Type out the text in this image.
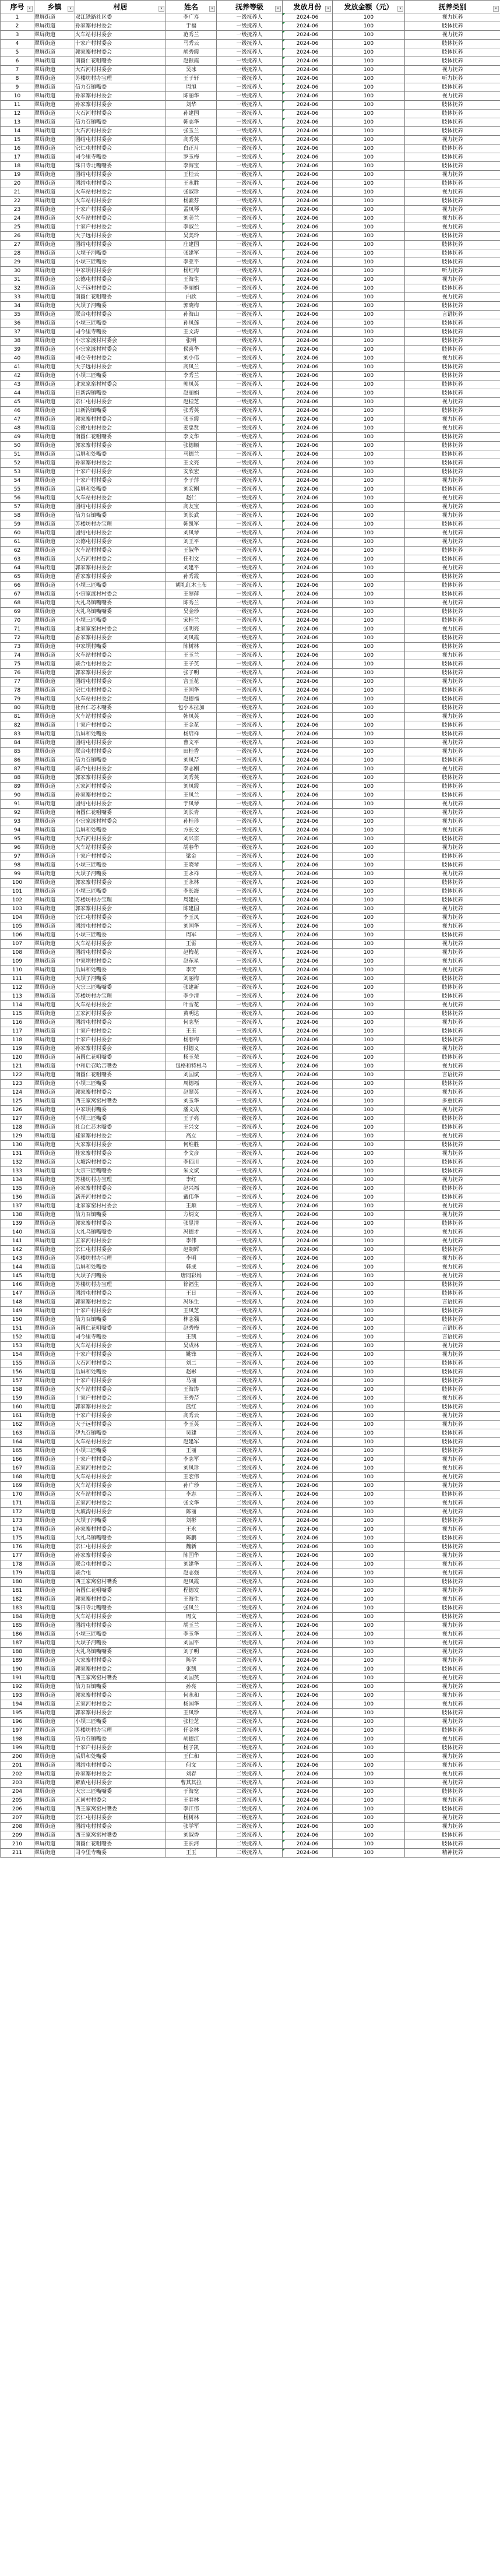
序号 ▾	乡镇 ▾	村居 ▾	姓名 ▾	抚养等级 ▾	发放月份 ▾	发放金额（元） ▾	抚养类别 ▾

1	翠屏街道	双江铁路社区委	李广寿	一级抚养人	2024-06	100	视力抚养
2	翠屏街道	孙家寨村村委会	于福	一级抚养人	2024-06	100	肢体抚养
3	翠屏街道	火车站村村委会	范秀兰	一级抚养人	2024-06	100	视力抚养
4	翠屏街道	十家户村村委会	马秀云	一级抚养人	2024-06	100	肢体抚养
5	翠屏街道	郭家寨村村委会	胡秀霞	一级抚养人	2024-06	100	肢体抚养
6	翠屏街道	南圆仁花咀嘴委	赵银霞	一级抚养人	2024-06	100	肢体抚养
7	翠屏街道	大石河村村委会	吴冰	一级抚养人	2024-06	100	视力抚养
8	翠屏街道	苏楼坊村办宝理	王子轩	一级抚养人	2024-06	100	听力抚养
9	翠屏街道	信力召镇嘴委	周旭	一级抚养人	2024-06	100	肢体抚养
10	翠屏街道	孙家寨村村委会	陈丽华	一级抚养人	2024-06	100	视力抚养
11	翠屏街道	孙家寨村村委会	刘华	一级抚养人	2024-06	100	肢体抚养
12	翠屏街道	大石河村村委会	孙建国	一级抚养人	2024-06	100	肢体抚养
13	翠屏街道	信力召镇嘴委	韩志华	一级抚养人	2024-06	100	肢体抚养
14	翠屏街道	大石河村村委会	张玉兰	一级抚养人	2024-06	100	肢体抚养
15	翠屏街道	团结屯村村委会	高秀英	一级抚养人	2024-06	100	视力抚养
16	翠屏街道	宗仁屯村村委会	白正月	一级抚养人	2024-06	100	肢体抚养
17	翠屏街道	司今里寺嘴委	罗玉梅	一级抚养人	2024-06	100	肢体抚养
18	翠屏街道	珠日寺北嘴嘴委	李海宝	一级抚养人	2024-06	100	肢体抚养
19	翠屏街道	团结屯村村委会	王桂云	一级抚养人	2024-06	100	视力抚养
20	翠屏街道	团结屯村村委会	王永胜	一级抚养人	2024-06	100	肢体抚养
21	翠屏街道	火车站村村委会	张淑珍	一级抚养人	2024-06	100	视力抚养
22	翠屏街道	火车站村村委会	杨素芬	一级抚养人	2024-06	100	肢体抚养
23	翠屏街道	十家户村村委会	孟凤琴	一级抚养人	2024-06	100	视力抚养
24	翠屏街道	火车站村村委会	刘美兰	一级抚养人	2024-06	100	视力抚养
25	翠屏街道	十家户村村委会	李淑兰	一级抚养人	2024-06	100	视力抚养
26	翠屏街道	大子远村村委会	吴美玲	一级抚养人	2024-06	100	肢体抚养
27	翠屏街道	团结屯村村委会	庄建国	一级抚养人	2024-06	100	肢体抚养
28	翠屏街道	大坝子河嘴委	张建军	一级抚养人	2024-06	100	肢体抚养
29	翠屏街道	小坝三匠嘴委	李亚平	一级抚养人	2024-06	100	肢体抚养
30	翠屏街道	中家坝村村委会	杨红梅	一级抚养人	2024-06	100	听力抚养
31	翠屏街道	公德屯村村委会	王海生	一级抚养人	2024-06	100	视力抚养
32	翠屏街道	大子远村村委会	李丽娟	一级抚养人	2024-06	100	肢体抚养
33	翠屏街道	南圆仁花咀嘴委	白欣	一级抚养人	2024-06	100	视力抚养
34	翠屏街道	大坝子河嘴委	郭晓梅	一级抚养人	2024-06	100	肢体抚养
35	翠屏街道	联合屯村村委会	孙海山	一级抚养人	2024-06	100	言语抚养
36	翠屏街道	小坝三匠嘴委	孙凤莲	一级抚养人	2024-06	100	肢体抚养
37	翠屏街道	司今里寺嘴委	王文涛	一级抚养人	2024-06	100	肢体抚养
38	翠屏街道	小宗家渡村村委会	张明	一级抚养人	2024-06	100	肢体抚养
39	翠屏街道	小宗家渡村村委会	侯喜华	一级抚养人	2024-06	100	肢体抚养
40	翠屏街道	司仑寺村村委会	刘小伟	一级抚养人	2024-06	100	视力抚养
41	翠屏街道	大子远村村委会	高凤兰	一级抚养人	2024-06	100	肢体抚养
42	翠屏街道	小坝三匠嘴委	李秀兰	一级抚养人	2024-06	100	肢体抚养
43	翠屏街道	北家家窑村村委会	郭凤英	一级抚养人	2024-06	100	肢体抚养
44	翠屏街道	日新沟镇嘴委	赵丽娟	一级抚养人	2024-06	100	肢体抚养
45	翠屏街道	宗仁屯村村委会	赵桂芝	一级抚养人	2024-06	100	视力抚养
46	翠屏街道	日新沟镇嘴委	张秀英	一级抚养人	2024-06	100	肢体抚养
47	翠屏街道	郭家寨村村委会	张玉霞	一级抚养人	2024-06	100	视力抚养
48	翠屏街道	公德屯村村委会	姜忠贤	一级抚养人	2024-06	100	视力抚养
49	翠屏街道	南圆仁花咀嘴委	李文华	一级抚养人	2024-06	100	肢体抚养
50	翠屏街道	郭家寨村村委会	张德顺	一级抚养人	2024-06	100	肢体抚养
51	翠屏街道	后屏和处嘴委	马德兰	一级抚养人	2024-06	100	肢体抚养
52	翠屏街道	孙家寨村村委会	王文亮	一级抚养人	2024-06	100	肢体抚养
53	翠屏街道	十家户村村委会	安欣宏	一级抚养人	2024-06	100	肢体抚养
54	翠屏街道	十家户村村委会	李子萍	一级抚养人	2024-06	100	视力抚养
55	翠屏街道	后屏和处嘴委	刘宏刚	一级抚养人	2024-06	100	肢体抚养
56	翠屏街道	火车站村村委会	赵仁	一级抚养人	2024-06	100	视力抚养
57	翠屏街道	团结屯村村委会	高友宝	一级抚养人	2024-06	100	视力抚养
58	翠屏街道	信力召镇嘴委	刘长武	一级抚养人	2024-06	100	视力抚养
59	翠屏街道	苏楼坊村办宝理	韩凯军	一级抚养人	2024-06	100	肢体抚养
60	翠屏街道	团结屯村村委会	刘凤琴	一级抚养人	2024-06	100	视力抚养
61	翠屏街道	公德屯村村委会	刘王平	一级抚养人	2024-06	100	视力抚养
62	翠屏街道	火车站村村委会	王淑华	一级抚养人	2024-06	100	肢体抚养
63	翠屏街道	大石河村村委会	任利文	一级抚养人	2024-06	100	肢体抚养
64	翠屏街道	郭家寨村村委会	刘建平	一级抚养人	2024-06	100	视力抚养
65	翠屏街道	香家寨村村委会	孙秀霞	一级抚养人	2024-06	100	肢体抚养
66	翠屏街道	小坝三匠嘴委	胡礼红木土布	一级抚养人	2024-06	100	肢体抚养
67	翠屏街道	小宗家渡村村委会	王翠萍	一级抚养人	2024-06	100	肢体抚养
68	翠屏街道	大礼乌镇嘴嘴委	陈秀兰	一级抚养人	2024-06	100	视力抚养
69	翠屏街道	大礼乌镇嘴嘴委	吴金珍	一级抚养人	2024-06	100	肢体抚养
70	翠屏街道	小坝三匠嘴委	宋桂兰	一级抚养人	2024-06	100	肢体抚养
71	翠屏街道	北家家窑村村委会	张明亮	一级抚养人	2024-06	100	视力抚养
72	翠屏街道	香家寨村村委会	刘凤霞	一级抚养人	2024-06	100	肢体抚养
73	翠屏街道	中家坝村嘴委	陈树林	一级抚养人	2024-06	100	肢体抚养
74	翠屏街道	火车站村村委会	王玉兰	一级抚养人	2024-06	100	视力抚养
75	翠屏街道	联合屯村村委会	王子英	一级抚养人	2024-06	100	肢体抚养
76	翠屏街道	郭家寨村村委会	张子明	一级抚养人	2024-06	100	肢体抚养
77	翠屏街道	团结屯村村委会	宫玉花	一级抚养人	2024-06	100	视力抚养
78	翠屏街道	宗仁屯村村委会	王国华	一级抚养人	2024-06	100	肢体抚养
79	翠屏街道	火车站村村委会	赵德福	一级抚养人	2024-06	100	肢体抚养
80	翠屏街道	社台仁芯木嘴委	包小木拉加	一级抚养人	2024-06	100	肢体抚养
81	翠屏街道	火车站村村委会	韩凤英	一级抚养人	2024-06	100	视力抚养
82	翠屏街道	十家户村村委会	王金花	一级抚养人	2024-06	100	肢体抚养
83	翠屏街道	后屏和处嘴委	杨启祥	一级抚养人	2024-06	100	肢体抚养
84	翠屏街道	团结屯村村委会	曹文平	一级抚养人	2024-06	100	视力抚养
85	翠屏街道	联合屯村村委会	田桂香	一级抚养人	2024-06	100	视力抚养
86	翠屏街道	信力召镇嘴委	刘凤芹	一级抚养人	2024-06	100	肢体抚养
87	翠屏街道	联合屯村村委会	李志刚	一级抚养人	2024-06	100	视力抚养
88	翠屏街道	郭家寨村村委会	刘秀英	一级抚养人	2024-06	100	肢体抚养
89	翠屏街道	五家河村村委会	刘凤霞	一级抚养人	2024-06	100	肢体抚养
90	翠屏街道	孙家寨村村委会	王凤兰	一级抚养人	2024-06	100	肢体抚养
91	翠屏街道	团结屯村村委会	于凤琴	一级抚养人	2024-06	100	视力抚养
92	翠屏街道	南圆仁花咀嘴委	刘长青	一级抚养人	2024-06	100	视力抚养
93	翠屏街道	小宗家渡村村委会	孙桂珍	一级抚养人	2024-06	100	视力抚养
94	翠屏街道	后屏和处嘴委	方长文	一级抚养人	2024-06	100	视力抚养
95	翠屏街道	大石河村村委会	刘兴宗	一级抚养人	2024-06	100	肢体抚养
96	翠屏街道	火车站村村委会	胡春华	一级抚养人	2024-06	100	视力抚养
97	翠屏街道	十家户村村委会	梁金	一级抚养人	2024-06	100	肢体抚养
98	翠屏街道	小坝三匠嘴委	王晓琴	一级抚养人	2024-06	100	肢体抚养
99	翠屏街道	大坝子河嘴委	王永祥	一级抚养人	2024-06	100	视力抚养
100	翠屏街道	郭家寨村村委会	王永林	一级抚养人	2024-06	100	肢体抚养
101	翠屏街道	小坝三匠嘴委	李长海	一级抚养人	2024-06	100	肢体抚养
102	翠屏街道	苏楼坊村办宝理	周建民	一级抚养人	2024-06	100	肢体抚养
103	翠屏街道	郭家寨村村委会	陈建国	一级抚养人	2024-06	100	视力抚养
104	翠屏街道	宗仁屯村村委会	李玉凤	一级抚养人	2024-06	100	视力抚养
105	翠屏街道	团结屯村村委会	刘国华	一级抚养人	2024-06	100	视力抚养
106	翠屏街道	小坝三匠嘴委	周军	一级抚养人	2024-06	100	肢体抚养
107	翠屏街道	火车站村村委会	王雷	一级抚养人	2024-06	100	视力抚养
108	翠屏街道	团结屯村村委会	赵梅花	一级抚养人	2024-06	100	视力抚养
109	翠屏街道	中家坝村村委会	赵东星	一级抚养人	2024-06	100	视力抚养
110	翠屏街道	后屏和处嘴委	李芳	一级抚养人	2024-06	100	视力抚养
111	翠屏街道	大坝子河嘴委	刘丽梅	一级抚养人	2024-06	100	肢体抚养
112	翠屏街道	大宗三匠嘴嘴委	张建新	一级抚养人	2024-06	100	肢体抚养
113	翠屏街道	苏楼坊村办宝理	李少清	一级抚养人	2024-06	100	肢体抚养
114	翠屏街道	火车站村村委会	叶雪花	一级抚养人	2024-06	100	视力抚养
115	翠屏街道	五家河村村委会	黄明达	一级抚养人	2024-06	100	肢体抚养
116	翠屏街道	团结屯村村委会	何志坚	一级抚养人	2024-06	100	视力抚养
117	翠屏街道	十家户村村委会	王玉	一级抚养人	2024-06	100	肢体抚养
118	翠屏街道	十家户村村委会	杨春梅	一级抚养人	2024-06	100	肢体抚养
119	翠屏街道	孙家寨村村委会	付德义	一级抚养人	2024-06	100	视力抚养
120	翠屏街道	南圆仁花咀嘴委	杨玉荣	一级抚养人	2024-06	100	肢体抚养
121	翠屏街道	中和后召哈吉嘴委	包格和特根乌	一级抚养人	2024-06	100	视力抚养
122	翠屏街道	南圆仁花咀嘴委	刘国斌	一级抚养人	2024-06	100	言语抚养
123	翠屏街道	小坝三匠嘴委	周德福	一级抚养人	2024-06	100	肢体抚养
124	翠屏街道	郭家寨村村委会	赵翠英	一级抚养人	2024-06	100	视力抚养
125	翠屏街道	西王家窝窑村嘴委	刘玉华	一级抚养人	2024-06	100	多重抚养
126	翠屏街道	中家坝村嘴委	潘文成	一级抚养人	2024-06	100	视力抚养
127	翠屏街道	小坝三匠嘴委	王子亮	一级抚养人	2024-06	100	肢体抚养
128	翠屏街道	社台仁芯木嘴委	王兴文	一级抚养人	2024-06	100	肢体抚养
129	翠屏街道	桂家寨村村委会	高立	一级抚养人	2024-06	100	视力抚养
130	翠屏街道	大家寨村村委会	何维胜	一级抚养人	2024-06	100	肢体抚养
131	翠屏街道	桂家寨村村委会	李文彦	一级抚养人	2024-06	100	视力抚养
132	翠屏街道	大坡沟村村委会	李佰川	一级抚养人	2024-06	100	肢体抚养
133	翠屏街道	大宗三匠嘴嘴委	朱文斌	一级抚养人	2024-06	100	肢体抚养
134	翠屏街道	苏楼坊村办宝理	李红	一级抚养人	2024-06	100	视力抚养
135	翠屏街道	孙家寨村村委会	赵兴福	一级抚养人	2024-06	100	肢体抚养
136	翠屏街道	新开河村村委会	戴伟华	一级抚养人	2024-06	100	肢体抚养
137	翠屏街道	北家家窑村村委会	王顺	一级抚养人	2024-06	100	视力抚养
138	翠屏街道	信力召镇嘴委	方炳文	一级抚养人	2024-06	100	视力抚养
139	翠屏街道	郭家寨村村委会	张显清	一级抚养人	2024-06	100	肢体抚养
140	翠屏街道	大礼乌镇嘴嘴委	冯德才	一级抚养人	2024-06	100	视力抚养
141	翠屏街道	五家河村村委会	李伟	一级抚养人	2024-06	100	视力抚养
142	翠屏街道	宗仁屯村村委会	赵朝辉	一级抚养人	2024-06	100	肢体抚养
143	翠屏街道	苏楼坊村办宝理	李明	一级抚养人	2024-06	100	视力抚养
144	翠屏街道	后屏和处嘴委	韩成	一级抚养人	2024-06	100	视力抚养
145	翠屏街道	大坝子河嘴委	唐同彩娟	一级抚养人	2024-06	100	视力抚养
146	翠屏街道	苏楼坊村办宝理	徐福生	一级抚养人	2024-06	100	肢体抚养
147	翠屏街道	团结屯村村委会	王日	一级抚养人	2024-06	100	肢体抚养
148	翠屏街道	郭家寨村村委会	冯乐生	一级抚养人	2024-06	100	言语抚养
149	翠屏街道	十家户村村委会	王凤芝	一级抚养人	2024-06	100	肢体抚养
150	翠屏街道	信力召镇嘴委	林志强	一级抚养人	2024-06	100	肢体抚养
151	翠屏街道	南圆仁花咀嘴委	赵秀梅	一级抚养人	2024-06	100	言语抚养
152	翠屏街道	司今里寺嘴委	王凯	一级抚养人	2024-06	100	言语抚养
153	翠屏街道	火车站村村委会	吴成林	一级抚养人	2024-06	100	视力抚养
154	翠屏街道	十家户村村委会	姚锋	一级抚养人	2024-06	100	视力抚养
155	翠屏街道	大石河村村委会	刘二	一级抚养人	2024-06	100	肢体抚养
156	翠屏街道	后屏和处嘴委	赵彬	一级抚养人	2024-06	100	肢体抚养
157	翠屏街道	十家户村村委会	马丽	二级抚养人	2024-06	100	肢体抚养
158	翠屏街道	火车站村村委会	王海涛	二级抚养人	2024-06	100	肢体抚养
159	翠屏街道	十家户村村委会	王秀芹	二级抚养人	2024-06	100	视力抚养
160	翠屏街道	郭家寨村村委会	蓝红	二级抚养人	2024-06	100	肢体抚养
161	翠屏街道	十家户村村委会	高秀云	二级抚养人	2024-06	100	视力抚养
162	翠屏街道	大子远村村委会	李玉英	二级抚养人	2024-06	100	视力抚养
163	翠屏街道	伊九召镇嘴委	吴建	二级抚养人	2024-06	100	肢体抚养
164	翠屏街道	火车站村村委会	赵建军	二级抚养人	2024-06	100	肢体抚养
165	翠屏街道	小坝三匠嘴委	王丽	二级抚养人	2024-06	100	肢体抚养
166	翠屏街道	十家户村村委会	李志军	二级抚养人	2024-06	100	视力抚养
167	翠屏街道	五家河村村委会	刘凤珍	二级抚养人	2024-06	100	视力抚养
168	翠屏街道	火车站村村委会	王宏伟	二级抚养人	2024-06	100	视力抚养
169	翠屏街道	火车站村村委会	孙广珍	二级抚养人	2024-06	100	视力抚养
170	翠屏街道	火车站村村委会	李志	二级抚养人	2024-06	100	肢体抚养
171	翠屏街道	五家河村村委会	张文华	二级抚养人	2024-06	100	视力抚养
172	翠屏街道	大坡沟村村委会	陈丽	二级抚养人	2024-06	100	视力抚养
173	翠屏街道	大坝子河嘴委	刘彬	二级抚养人	2024-06	100	肢体抚养
174	翠屏街道	孙家寨村村委会	王永	二级抚养人	2024-06	100	视力抚养
175	翠屏街道	大礼乌镇嘴嘴委	陈鹏	二级抚养人	2024-06	100	肢体抚养
176	翠屏街道	宗仁屯村村委会	魏新	二级抚养人	2024-06	100	肢体抚养
177	翠屏街道	孙家寨村村委会	陈国华	二级抚养人	2024-06	100	视力抚养
178	翠屏街道	联合屯村村委会	刘建华	二级抚养人	2024-06	100	视力抚养
179	翠屏街道	联合屯	赵志强	二级抚养人	2024-06	100	视力抚养
180	翠屏街道	西王家窝窑村嘴委	赵凤霞	二级抚养人	2024-06	100	肢体抚养
181	翠屏街道	南圆仁花咀嘴委	程德发	二级抚养人	2024-06	100	视力抚养
182	翠屏街道	郭家寨村村委会	王海生	二级抚养人	2024-06	100	视力抚养
183	翠屏街道	珠日寺北嘴嘴委	张凤兰	二级抚养人	2024-06	100	肢体抚养
184	翠屏街道	火车站村村委会	周文	二级抚养人	2024-06	100	肢体抚养
185	翠屏街道	团结屯村村委会	胡玉兰	二级抚养人	2024-06	100	视力抚养
186	翠屏街道	小坝三匠嘴委	李玉华	二级抚养人	2024-06	100	视力抚养
187	翠屏街道	大坝子河嘴委	刘国平	二级抚养人	2024-06	100	视力抚养
188	翠屏街道	大礼乌镇嘴嘴委	刘子明	二级抚养人	2024-06	100	视力抚养
189	翠屏街道	大家寨村村委会	陈学	二级抚养人	2024-06	100	视力抚养
190	翠屏街道	郭家寨村村委会	张凯	二级抚养人	2024-06	100	肢体抚养
191	翠屏街道	西王家窝窑村嘴委	刘国英	二级抚养人	2024-06	100	视力抚养
192	翠屏街道	信力召镇嘴委	孙亮	二级抚养人	2024-06	100	视力抚养
193	翠屏街道	郭家寨村村委会	何永和	二级抚养人	2024-06	100	视力抚养
194	翠屏街道	五家河村村委会	杨国华	二级抚养人	2024-06	100	视力抚养
195	翠屏街道	郭家寨村村委会	王凤珍	二级抚养人	2024-06	100	肢体抚养
196	翠屏街道	小坝三匠嘴委	张桂芝	二级抚养人	2024-06	100	视力抚养
197	翠屏街道	苏楼坊村办宝理	任金林	二级抚养人	2024-06	100	肢体抚养
198	翠屏街道	信力召镇嘴委	胡德江	二级抚养人	2024-06	100	视力抚养
199	翠屏街道	十家户村村委会	杨子凯	二级抚养人	2024-06	100	肢体抚养
200	翠屏街道	后屏和处嘴委	王仁和	二级抚养人	2024-06	100	视力抚养
201	翠屏街道	团结屯村村委会	何文	二级抚养人	2024-06	100	视力抚养
202	翠屏街道	孙家寨村村委会	刘春	二级抚养人	2024-06	100	视力抚养
203	翠屏街道	解放屯村村委会	曹其其拉	二级抚养人	2024-06	100	视力抚养
204	翠屏街道	大宗三匠嘴嘴委	于海宽	二级抚养人	2024-06	100	肢体抚养
205	翠屏街道	五尚村村委会	王春林	二级抚养人	2024-06	100	视力抚养
206	翠屏街道	西王家窝窑村嘴委	李江伟	二级抚养人	2024-06	100	肢体抚养
207	翠屏街道	宗仁屯村村委会	杨树林	二级抚养人	2024-06	100	视力抚养
208	翠屏街道	团结屯村村委会	张学军	二级抚养人	2024-06	100	视力抚养
209	翠屏街道	西王家窝窑村嘴委	刘淑香	二级抚养人	2024-06	100	肢体抚养
210	翠屏街道	南圆仁花咀嘴委	王长河	二级抚养人	2024-06	100	肢体抚养
211	翠屏街道	司今里寺嘴委	王玉	二级抚养人	2024-06	100	精神抚养
